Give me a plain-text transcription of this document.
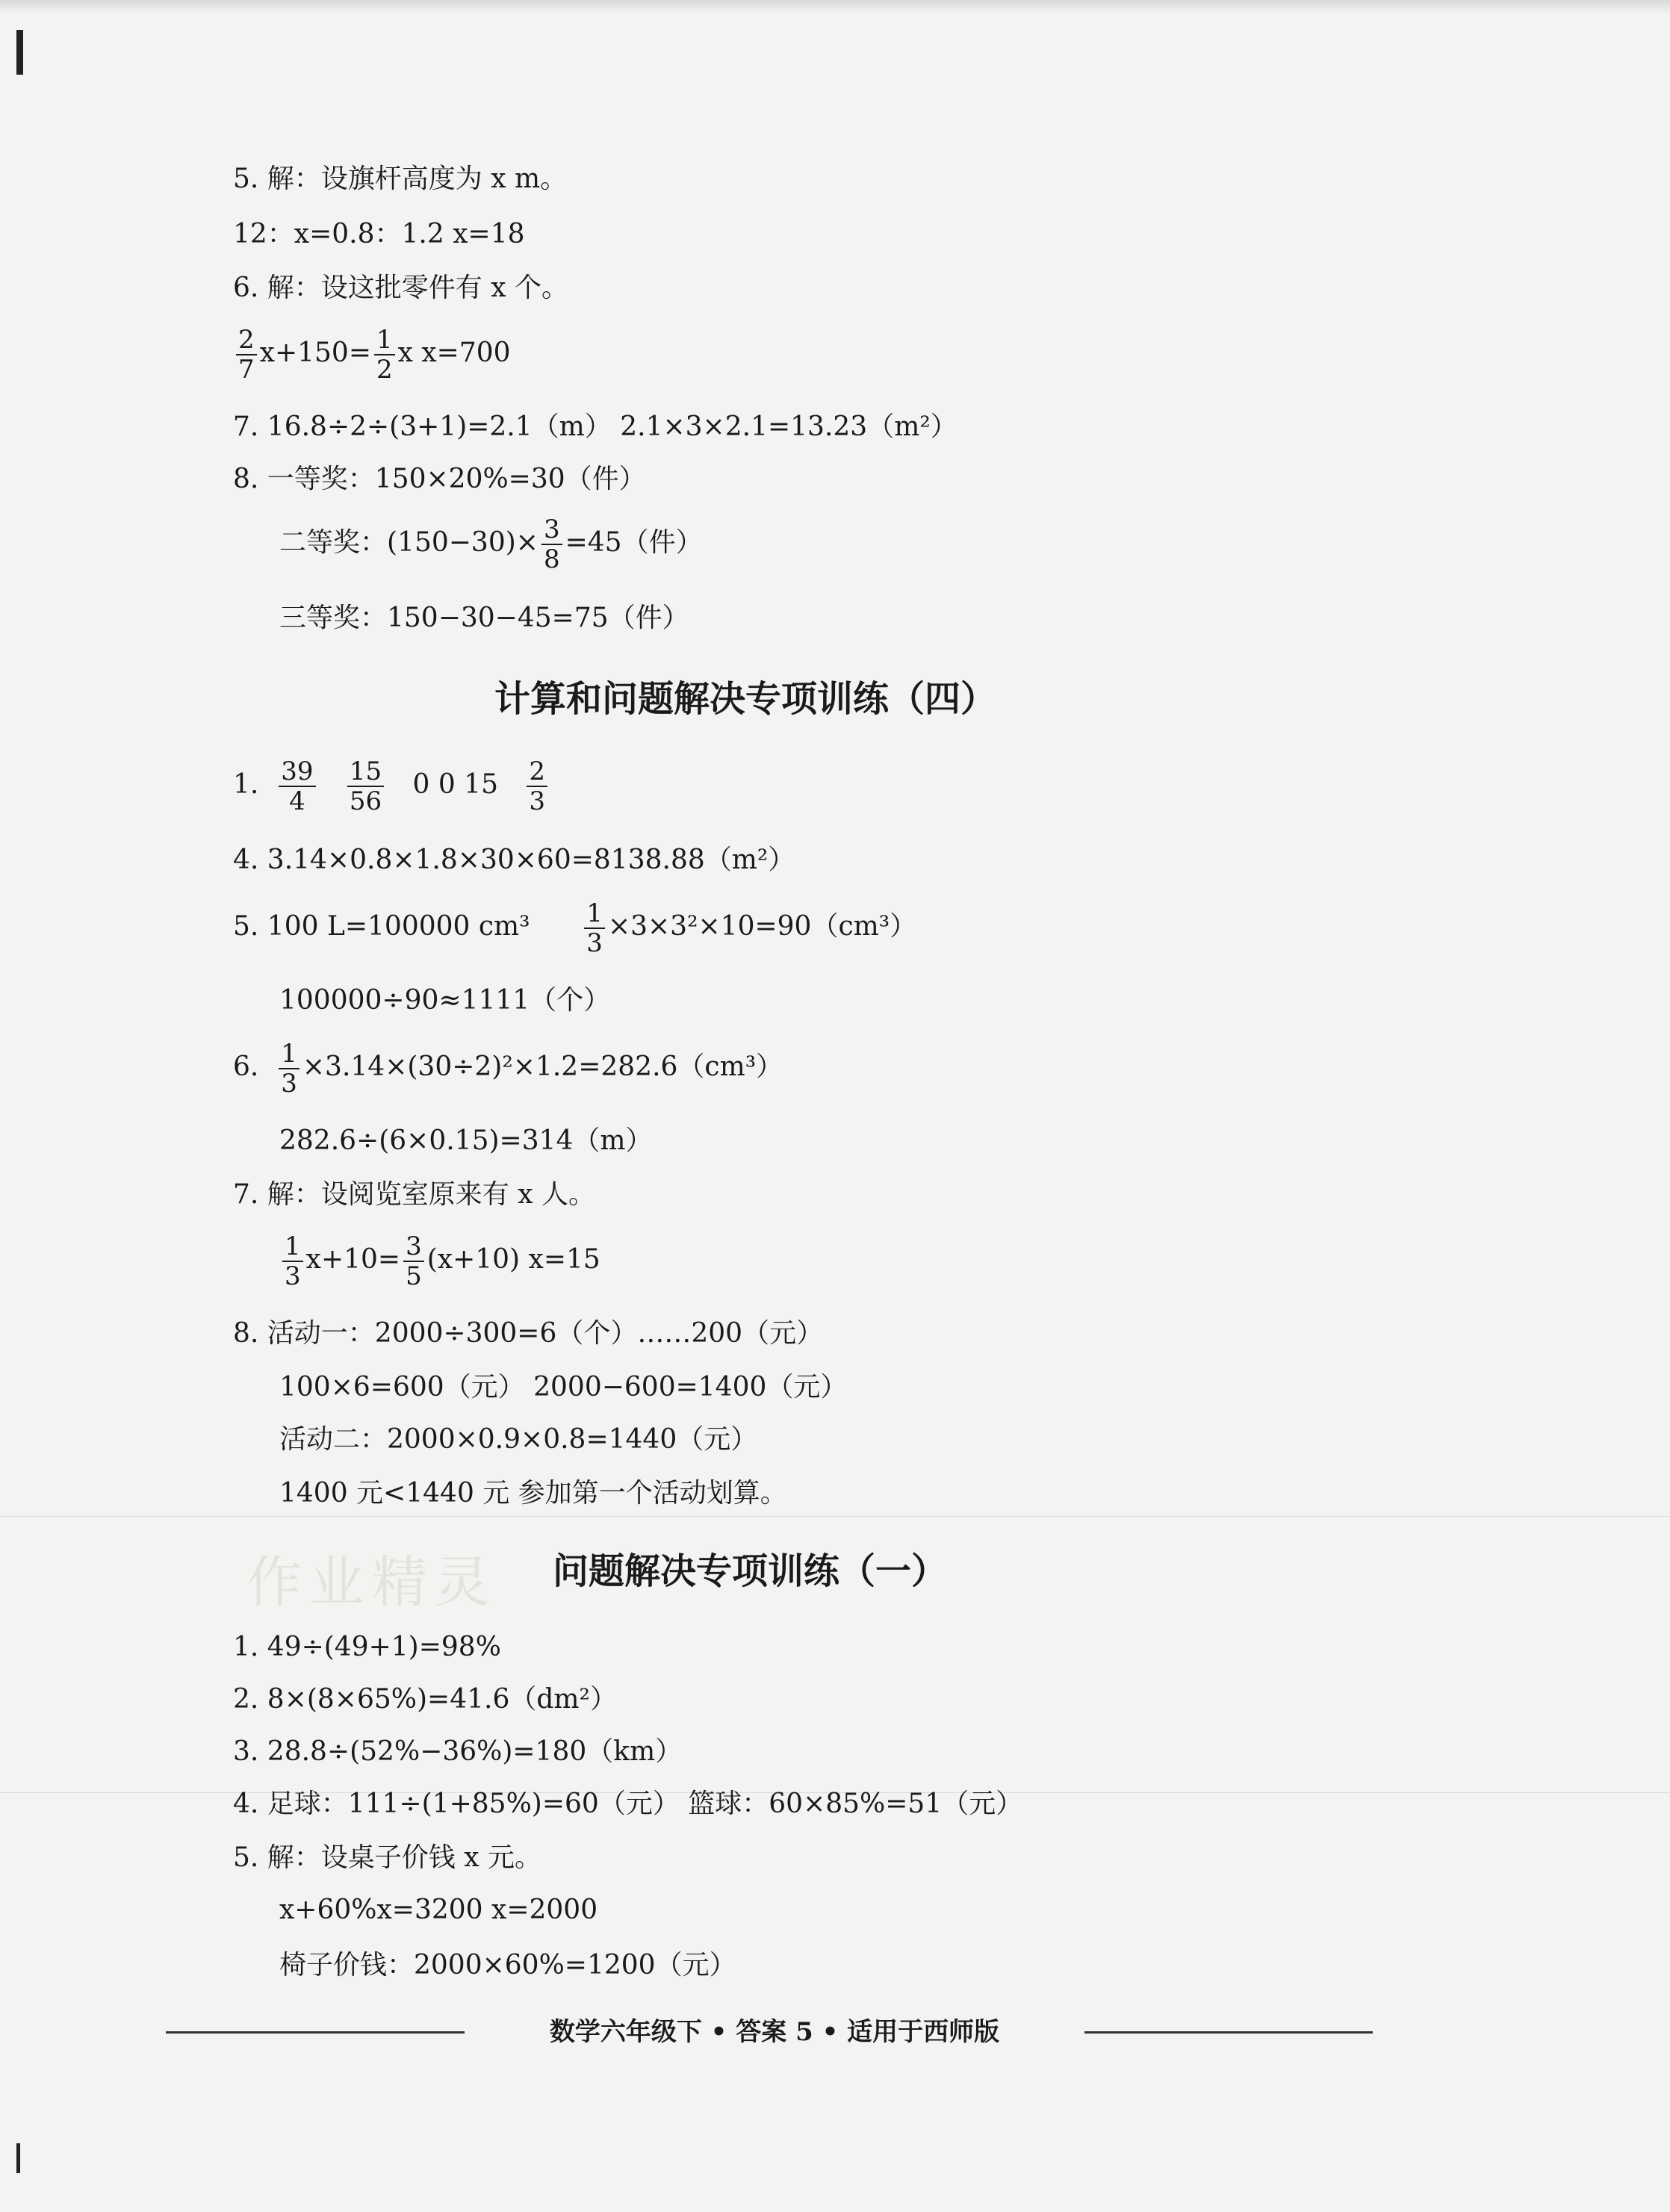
5. 解：设旗杆高度为 x m。
12：x=0.8：1.2 x=18
6. 解：设这批零件有 x 个。
$\frac{2}{7} x+150= \frac{1}{2}$ x x=700
7. 16.8÷2÷(3+1)=2.1（m） 2.1×3×2.1=13.23（m²）
8. 一等奖：150×20%=30（件）
二等奖：$(150-30)\times \frac{3}{8} =45$（件）
三等奖：150−30−45=75（件）
计算和问题解决专项训练（四）
1. $\frac{39}{4}$
$\frac{15}{56} 0$ 0 $15 \frac{2}{3}$
4. 3.14×0.8×1.8×30×60=8138.88（m²）
5. 100 L=100000 $cm^3 \frac{1}{3} \times 3\times 3^2\times 10=90(cm^3)$
100000÷90≈1111（个）
6. $\frac{1}{3} \times 3.14\times(30\div 2)^2\times 1.2=282.6(cm^3)$
282.6÷(6×0.15)=314（m）
7. 解：设阅览室原来有 x 人。
$\frac{1}{3} x+10= \frac{3}{5} (x+10)$ x=15
8. 活动一：2000÷300=6（个）……200（元）
100×6=600（元） 2000−600=1400（元）
活动二：2000×0.9×0.8=1440（元）
1400 元<1440 元 参加第一个活动划算。
作业精灵 问题解决专项训练（一）
1. 49÷(49+1)=98%
2. 8×(8×65%)=41.6（dm²）
3. 28.8÷(52%−36%)=180（km）
4. 足球：111÷(1+85%)=60（元） 篮球：60×85%=51（元）
5. 解：设桌子价钱 x 元。
x+60%x=3200 x=2000
椅子价钱：2000×60%=1200（元）
数学六年级下 • 答案 5 • 适用于西师版
